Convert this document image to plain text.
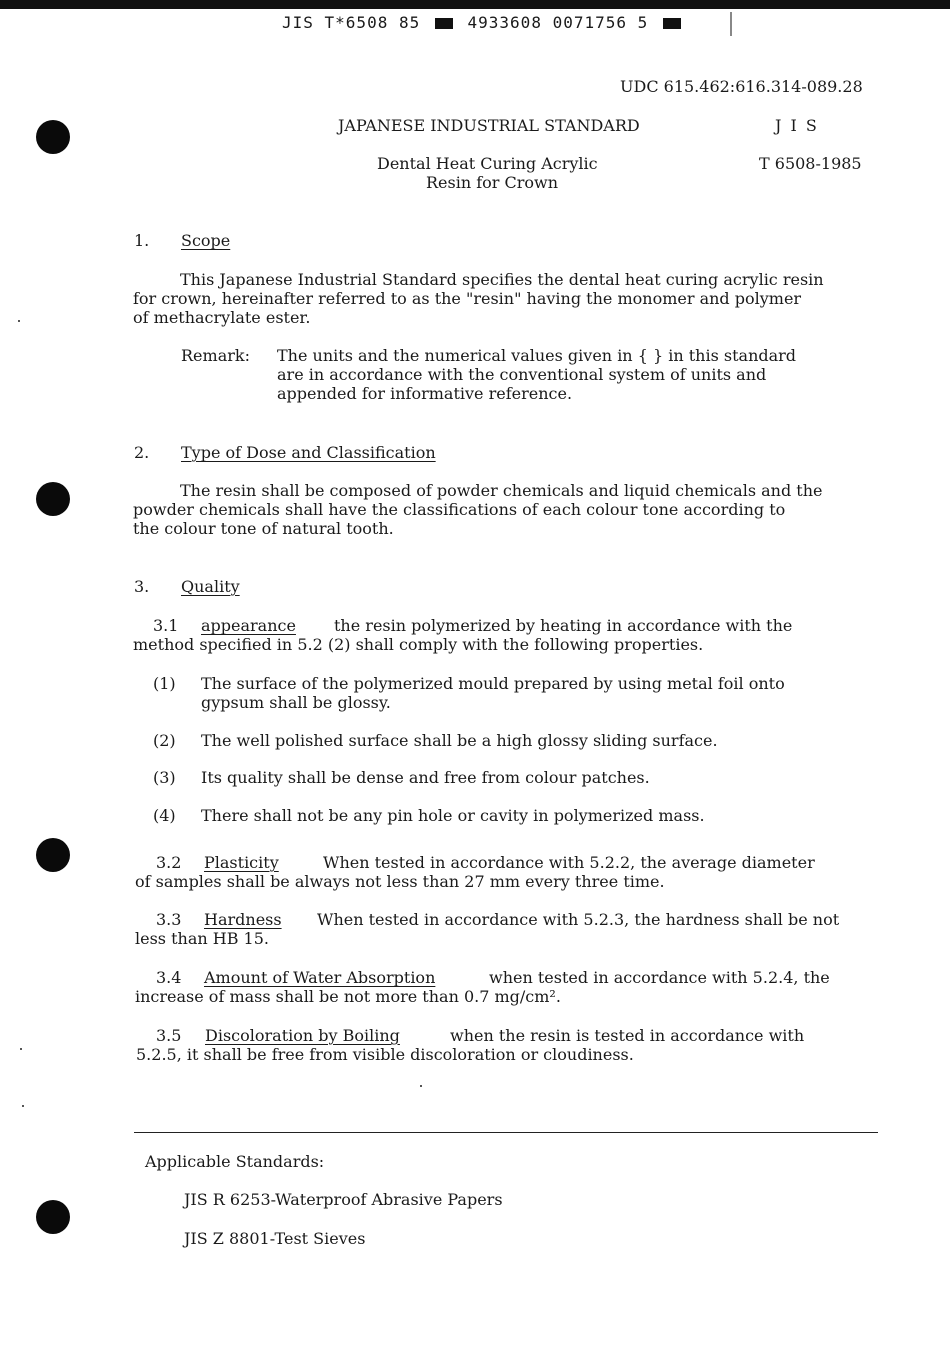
JIS T*6508 85	4933608 0071756 5

UDC 615.462:616.314-089.28

JAPANESE INDUSTRIAL STANDARD	J I S

Dental Heat Curing Acrylic

Resin for Crown

T 6508-1985

1. Scope

This Japanese Industrial Standard specifies the dental heat curing acrylic resin

for crown, hereinafter referred to as the "resin" having the monomer and polymer

of methacrylate ester.

Remark: The units and the numerical values given in { } in this standard

are in accordance with the conventional system of units and

appended for informative reference.

2. Type of Dose and Classification

The resin shall be composed of powder chemicals and liquid chemicals and the

powder chemicals shall have the classifications of each colour tone according to

the colour tone of natural tooth.

3. Quality

3.1 appearance the resin polymerized by heating in accordance with the

method specified in 5.2 (2) shall comply with the following properties.

(1) The surface of the polymerized mould prepared by using metal foil onto

gypsum shall be glossy.

(2) The well polished surface shall be a high glossy sliding surface.

(3) Its quality shall be dense and free from colour patches.

(4) There shall not be any pin hole or cavity in polymerized mass.

3.2 Plasticity	When tested in accordance with 5.2.2, the average diameter

of samples shall be always not less than 27 mm every three time.

3.3 Hardness When tested in accordance with 5.2.3, the hardness shall be not

less than HB 15.

3.4 Amount of Water Absorption	when tested in accordance with 5.2.4, the

increase of mass shall be not more than 0.7 mg/cm².

3.5 Discoloration by Boiling	when the resin is tested in accordance with

5.2.5, it shall be free from visible discoloration or cloudiness.

Applicable Standards:

JIS R 6253-Waterproof Abrasive Papers

JIS Z 8801-Test Sieves
